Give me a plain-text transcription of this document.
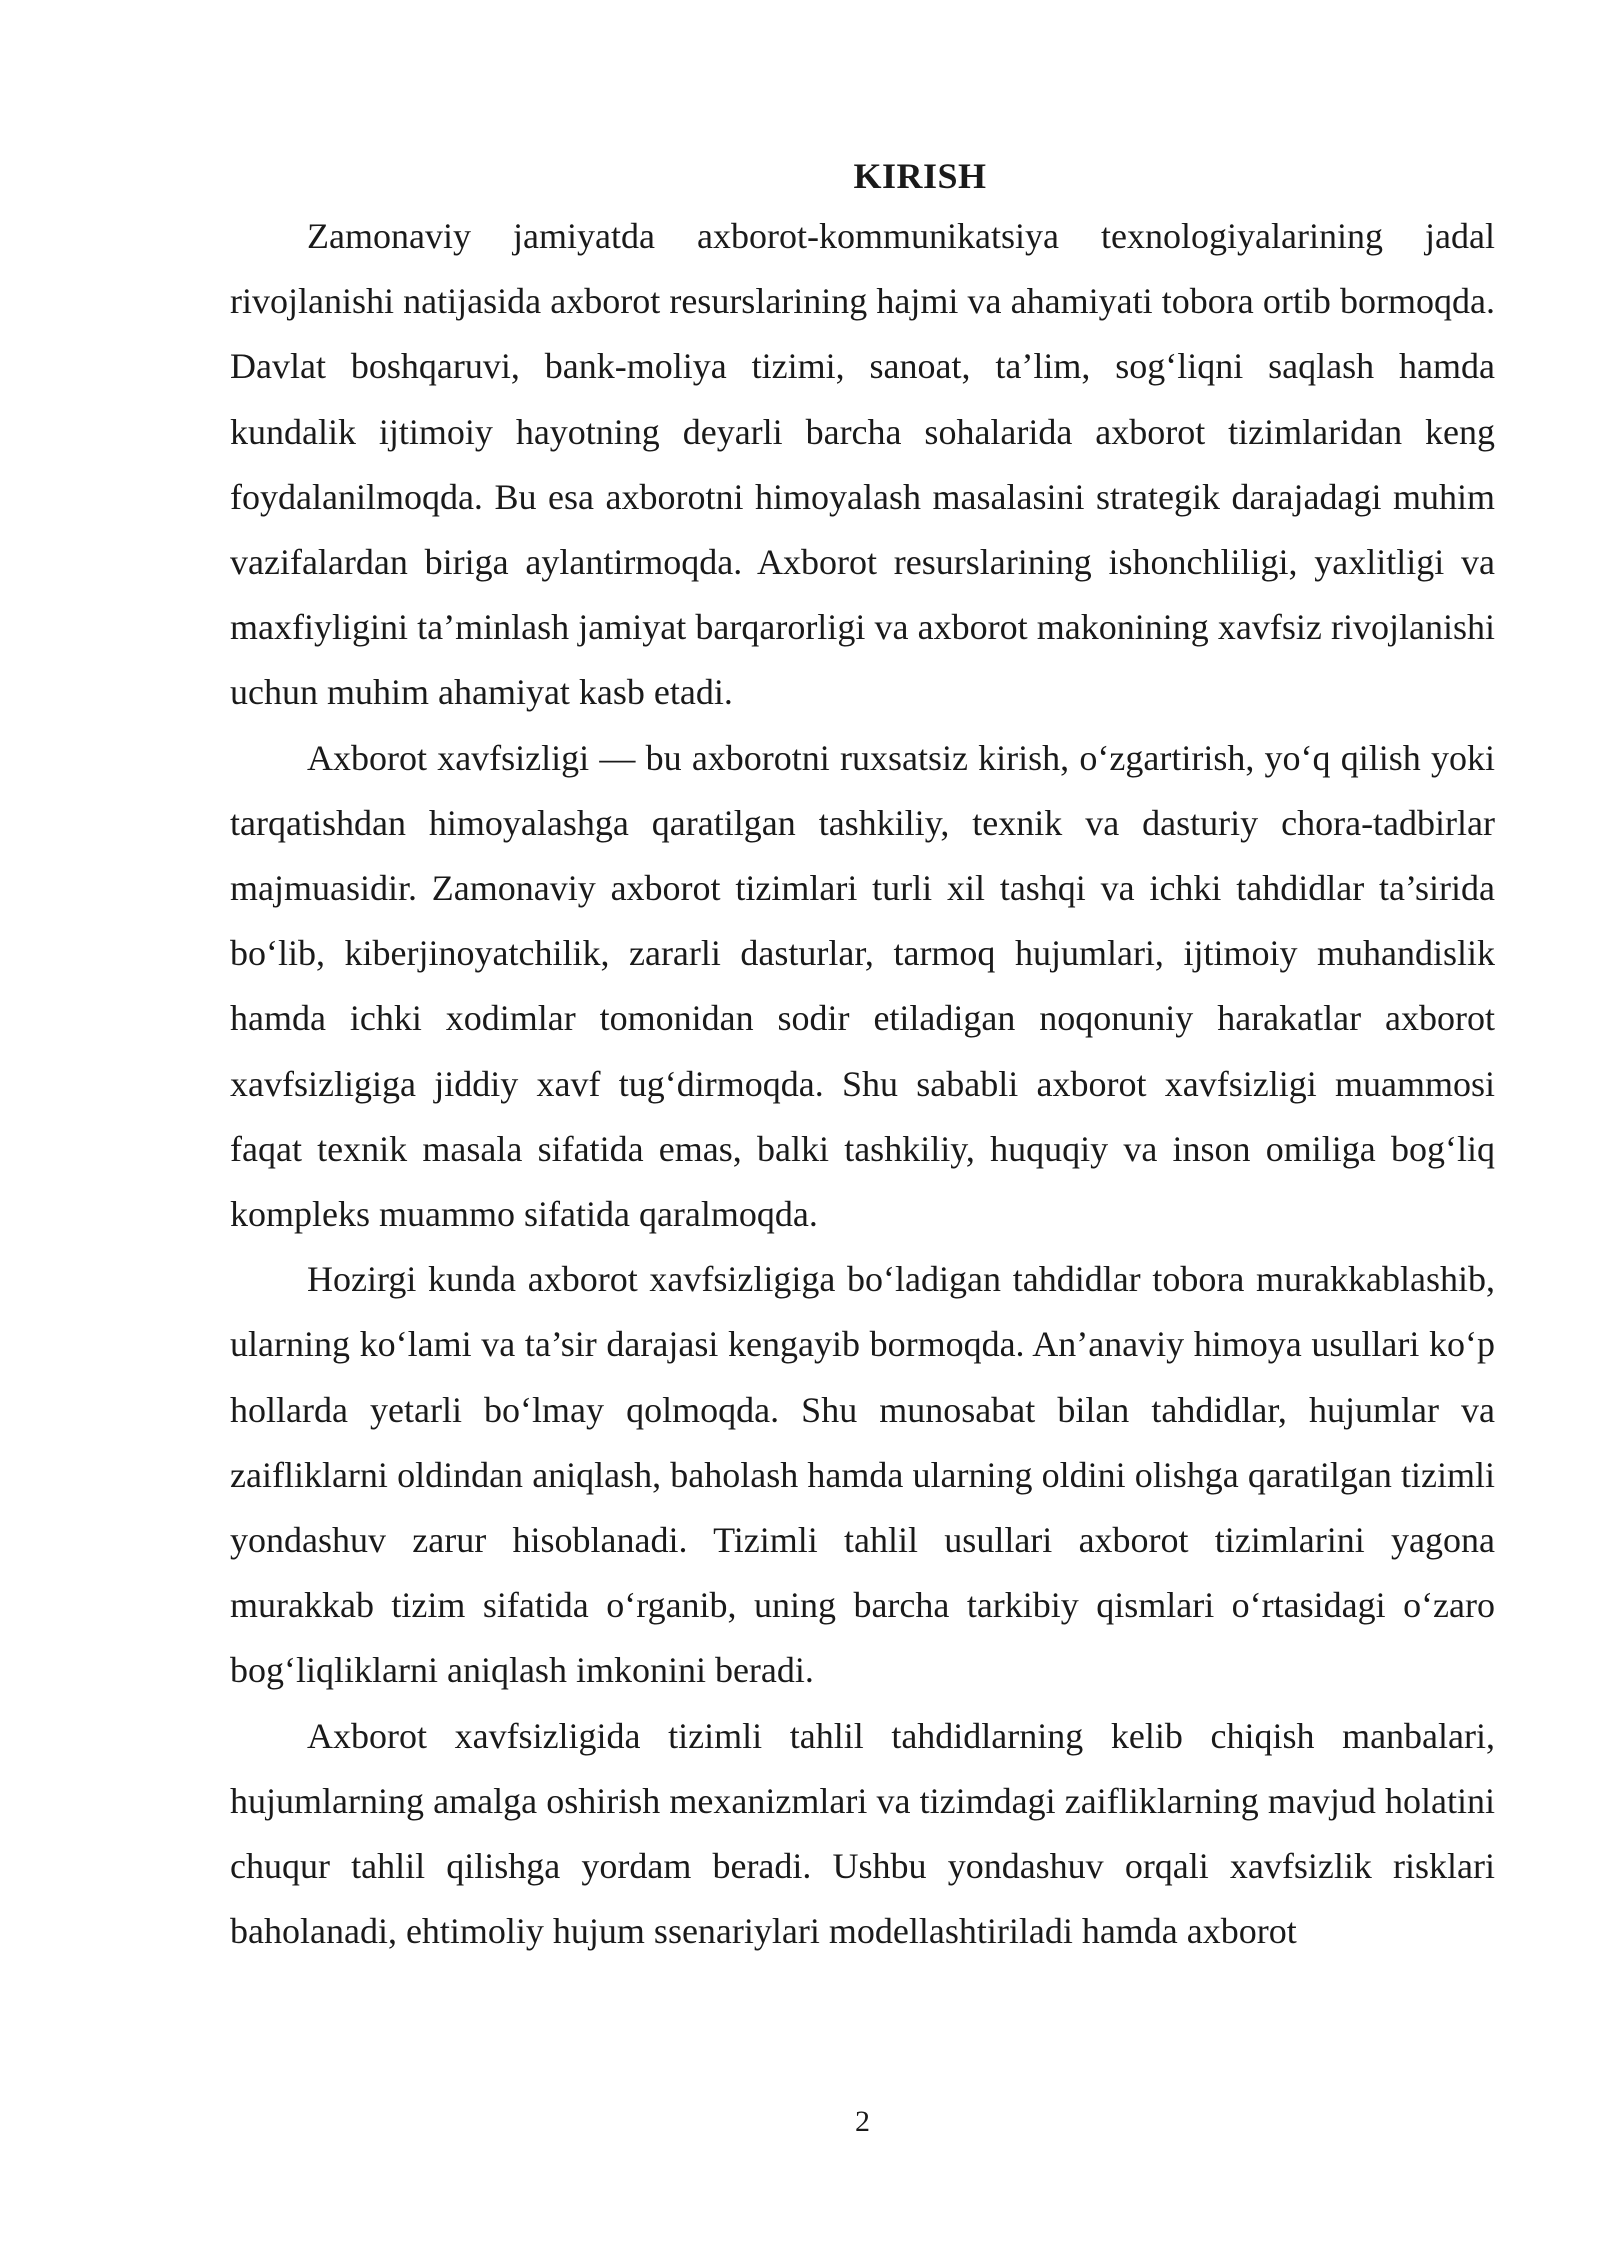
KIRISH

Zamonaviy jamiyatda axborot-kommunikatsiya texnologiyalarining jadal rivojlanishi natijasida axborot resurslarining hajmi va ahamiyati tobora ortib bormoqda. Davlat boshqaruvi, bank-moliya tizimi, sanoat, ta’lim, sog‘liqni saqlash hamda kundalik ijtimoiy hayotning deyarli barcha sohalarida axborot tizimlaridan keng foydalanilmoqda. Bu esa axborotni himoyalash masalasini strategik darajadagi muhim vazifalardan biriga aylantirmoqda. Axborot resurslarining ishonchliligi, yaxlitligi va maxfiyligini ta’minlash jamiyat barqarorligi va axborot makonining xavfsiz rivojlanishi uchun muhim ahamiyat kasb etadi.

Axborot xavfsizligi — bu axborotni ruxsatsiz kirish, o‘zgartirish, yo‘q qilish yoki tarqatishdan himoyalashga qaratilgan tashkiliy, texnik va dasturiy chora-tadbirlar majmuasidir. Zamonaviy axborot tizimlari turli xil tashqi va ichki tahdidlar ta’sirida bo‘lib, kiberjinoyatchilik, zararli dasturlar, tarmoq hujumlari, ijtimoiy muhandislik hamda ichki xodimlar tomonidan sodir etiladigan noqonuniy harakatlar axborot xavfsizligiga jiddiy xavf tug‘dirmoqda. Shu sababli axborot xavfsizligi muammosi faqat texnik masala sifatida emas, balki tashkiliy, huquqiy va inson omiliga bog‘liq kompleks muammo sifatida qaralmoqda.

Hozirgi kunda axborot xavfsizligiga bo‘ladigan tahdidlar tobora murakkablashib, ularning ko‘lami va ta’sir darajasi kengayib bormoqda. An’anaviy himoya usullari ko‘p hollarda yetarli bo‘lmay qolmoqda. Shu munosabat bilan tahdidlar, hujumlar va zaifliklarni oldindan aniqlash, baholash hamda ularning oldini olishga qaratilgan tizimli yondashuv zarur hisoblanadi. Tizimli tahlil usullari axborot tizimlarini yagona murakkab tizim sifatida o‘rganib, uning barcha tarkibiy qismlari o‘rtasidagi o‘zaro bog‘liqliklarni aniqlash imkonini beradi.

Axborot xavfsizligida tizimli tahlil tahdidlarning kelib chiqish manbalari, hujumlarning amalga oshirish mexanizmlari va tizimdagi zaifliklarning mavjud holatini chuqur tahlil qilishga yordam beradi. Ushbu yondashuv orqali xavfsizlik risklari baholanadi, ehtimoliy hujum ssenariylari modellashtiriladi hamda axborot

2
